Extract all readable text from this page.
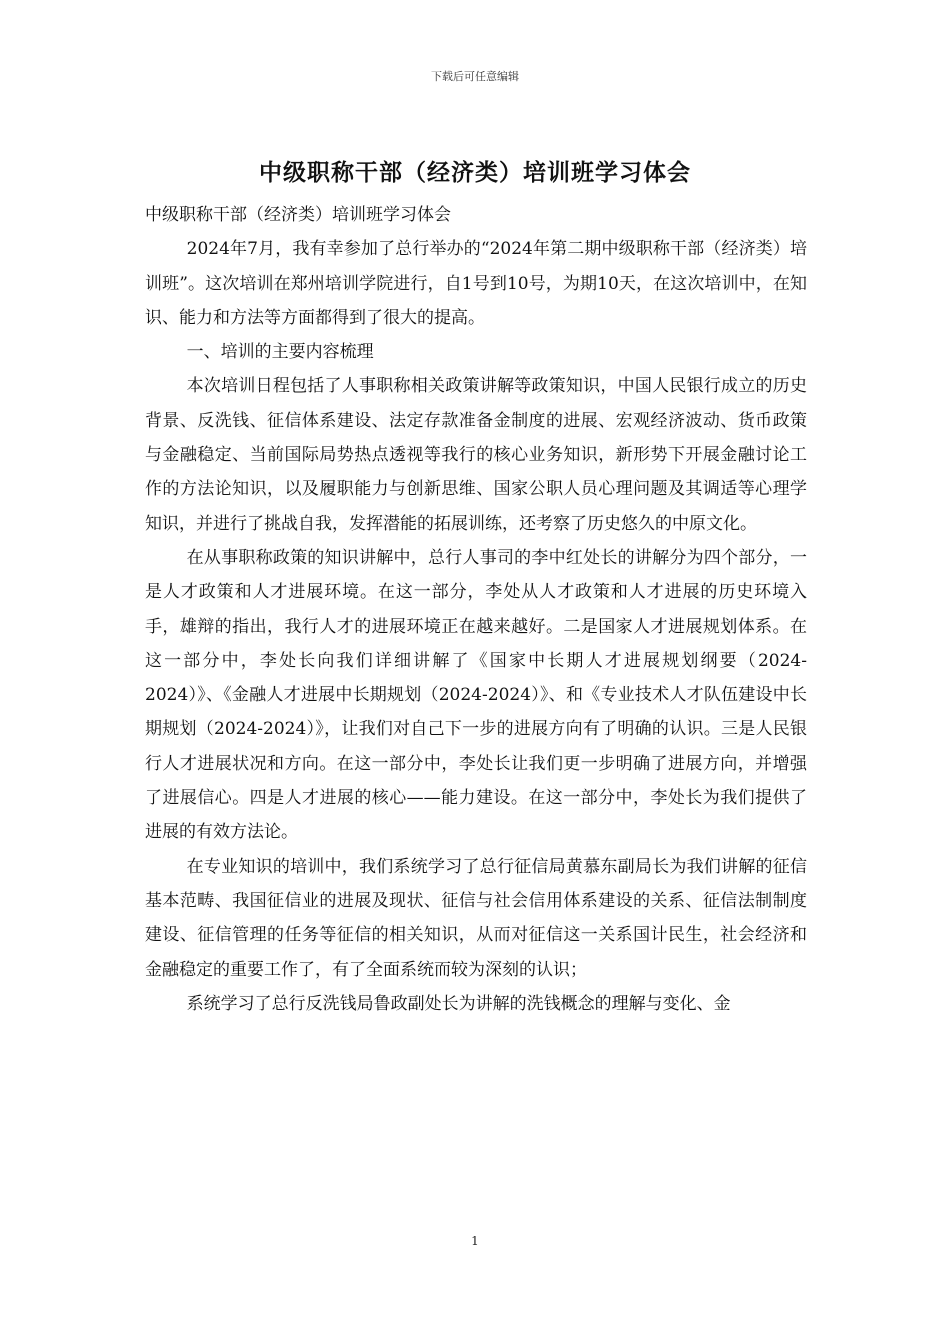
下载后可任意编辑
中级职称干部（经济类）培训班学习体会

中级职称干部（经济类）培训班学习体会

2024年7月，我有幸参加了总行举办的“2024年第二期中级职称干部（经济类）培训班”。这次培训在郑州培训学院进行，自1号到10号，为期10天，在这次培训中，在知识、能力和方法等方面都得到了很大的提高。

一、培训的主要内容梳理

本次培训日程包括了人事职称相关政策讲解等政策知识，中国人民银行成立的历史背景、反洗钱、征信体系建设、法定存款准备金制度的进展、宏观经济波动、货币政策与金融稳定、当前国际局势热点透视等我行的核心业务知识，新形势下开展金融讨论工作的方法论知识，以及履职能力与创新思维、国家公职人员心理问题及其调适等心理学知识，并进行了挑战自我，发挥潜能的拓展训练，还考察了历史悠久的中原文化。

在从事职称政策的知识讲解中，总行人事司的李中红处长的讲解分为四个部分，一是人才政策和人才进展环境。在这一部分，李处从人才政策和人才进展的历史环境入手，雄辩的指出，我行人才的进展环境正在越来越好。二是国家人才进展规划体系。在这一部分中，李处长向我们详细讲解了《国家中长期人才进展规划纲要（2024-2024）》、《金融人才进展中长期规划（2024-2024）》、和《专业技术人才队伍建设中长期规划（2024-2024）》，让我们对自己下一步的进展方向有了明确的认识。三是人民银行人才进展状况和方向。在这一部分中，李处长让我们更一步明确了进展方向，并增强了进展信心。四是人才进展的核心——能力建设。在这一部分中，李处长为我们提供了进展的有效方法论。

在专业知识的培训中，我们系统学习了总行征信局黄慕东副局长为我们讲解的征信基本范畴、我国征信业的进展及现状、征信与社会信用体系建设的关系、征信法制制度建设、征信管理的任务等征信的相关知识，从而对征信这一关系国计民生，社会经济和金融稳定的重要工作了，有了全面系统而较为深刻的认识；

系统学习了总行反洗钱局鲁政副处长为讲解的洗钱概念的理解与变化、金

1
